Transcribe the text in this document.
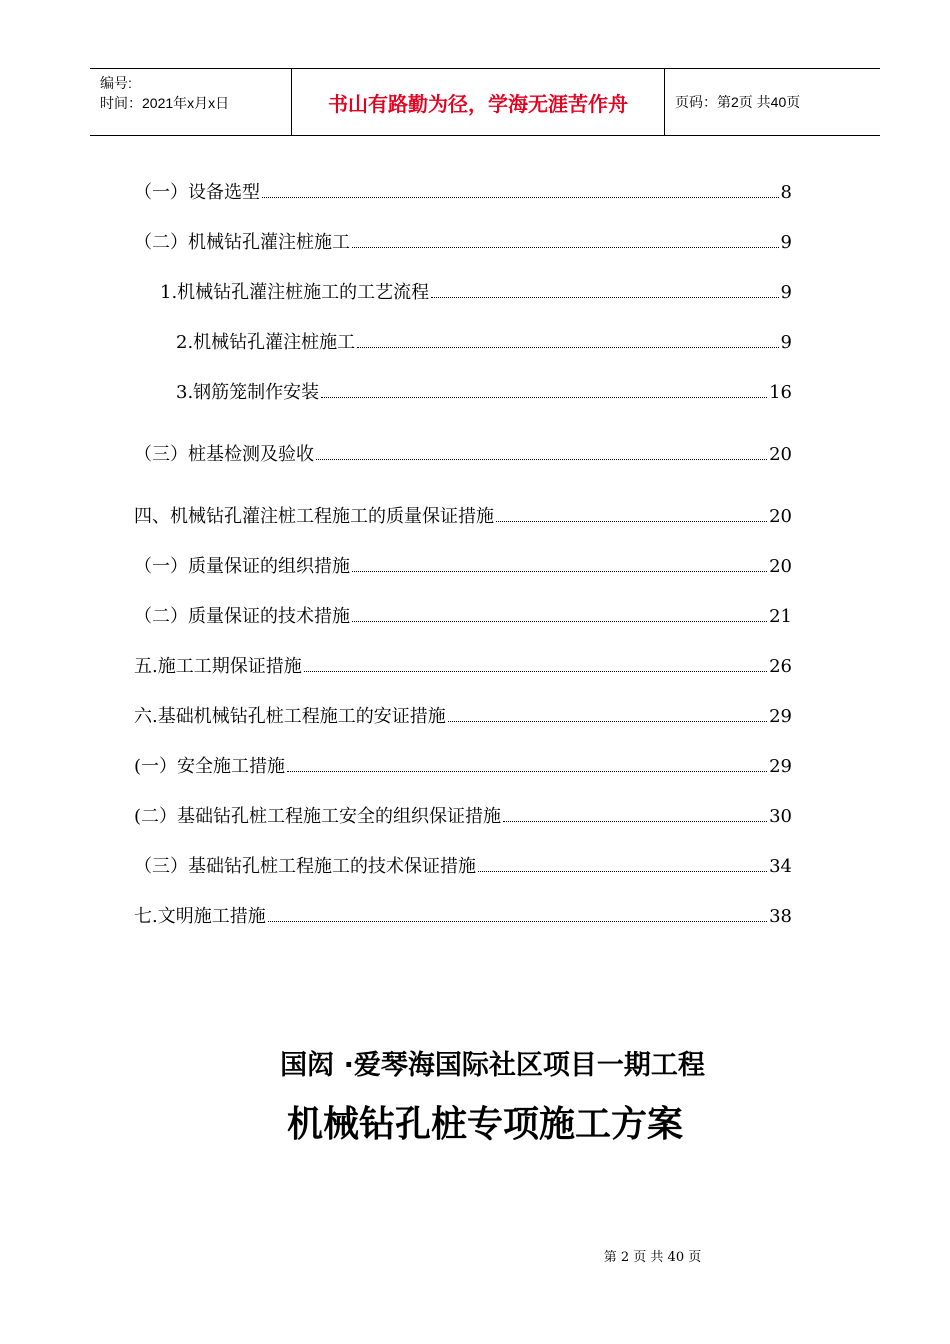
编号:
时间：2021年x月x日	书山有路勤为径，学海无涯苦作舟	页码：第2页 共40页
（一）设备选型	8
（二）机械钻孔灌注桩施工	9
1.机械钻孔灌注桩施工的工艺流程	9
2.机械钻孔灌注桩施工	9
3.钢筋笼制作安装	16
（三）桩基检测及验收	20
四、机械钻孔灌注桩工程施工的质量保证措施	20
（一）质量保证的组织措施	20
（二）质量保证的技术措施	21
五.施工工期保证措施	26
六.基础机械钻孔桩工程施工的安证措施	29
(一）安全施工措施	29
(二）基础钻孔桩工程施工安全的组织保证措施	30
（三）基础钻孔桩工程施工的技术保证措施	34
七.文明施工措施	38
国闳 ·爱琴海国际社区项目一期工程
机械钻孔桩专项施工方案
第 2 页 共 40 页
